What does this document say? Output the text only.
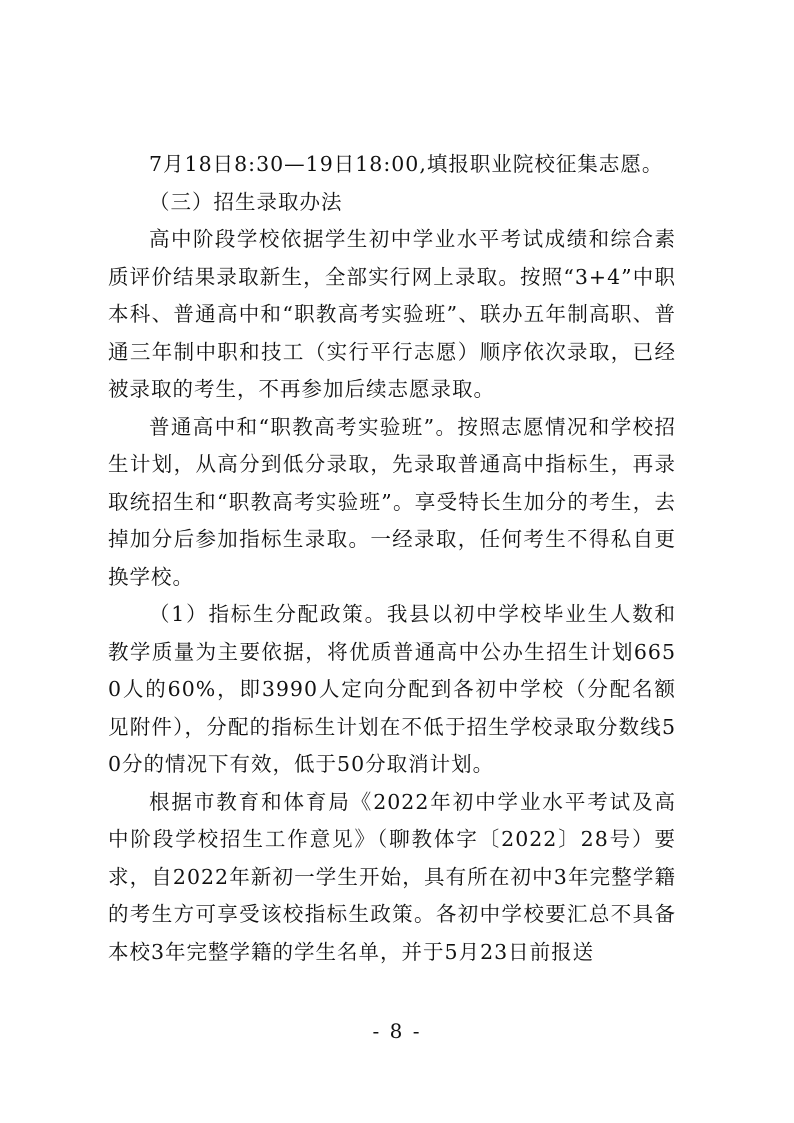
7月18日8:30—19日18:00,填报职业院校征集志愿。

（三）招生录取办法

高中阶段学校依据学生初中学业水平考试成绩和综合素质评价结果录取新生，全部实行网上录取。按照“3+4”中职本科、普通高中和“职教高考实验班”、联办五年制高职、普通三年制中职和技工（实行平行志愿）顺序依次录取，已经被录取的考生，不再参加后续志愿录取。

普通高中和“职教高考实验班”。按照志愿情况和学校招生计划，从高分到低分录取，先录取普通高中指标生，再录取统招生和“职教高考实验班”。享受特长生加分的考生，去掉加分后参加指标生录取。一经录取，任何考生不得私自更换学校。

（1）指标生分配政策。我县以初中学校毕业生人数和教学质量为主要依据，将优质普通高中公办生招生计划6650人的60%，即3990人定向分配到各初中学校（分配名额见附件），分配的指标生计划在不低于招生学校录取分数线50分的情况下有效，低于50分取消计划。

根据市教育和体育局《2022年初中学业水平考试及高中阶段学校招生工作意见》（聊教体字〔2022〕28号）要求，自2022年新初一学生开始，具有所在初中3年完整学籍的考生方可享受该校指标生政策。各初中学校要汇总不具备本校3年完整学籍的学生名单，并于5月23日前报送

- 8 -
